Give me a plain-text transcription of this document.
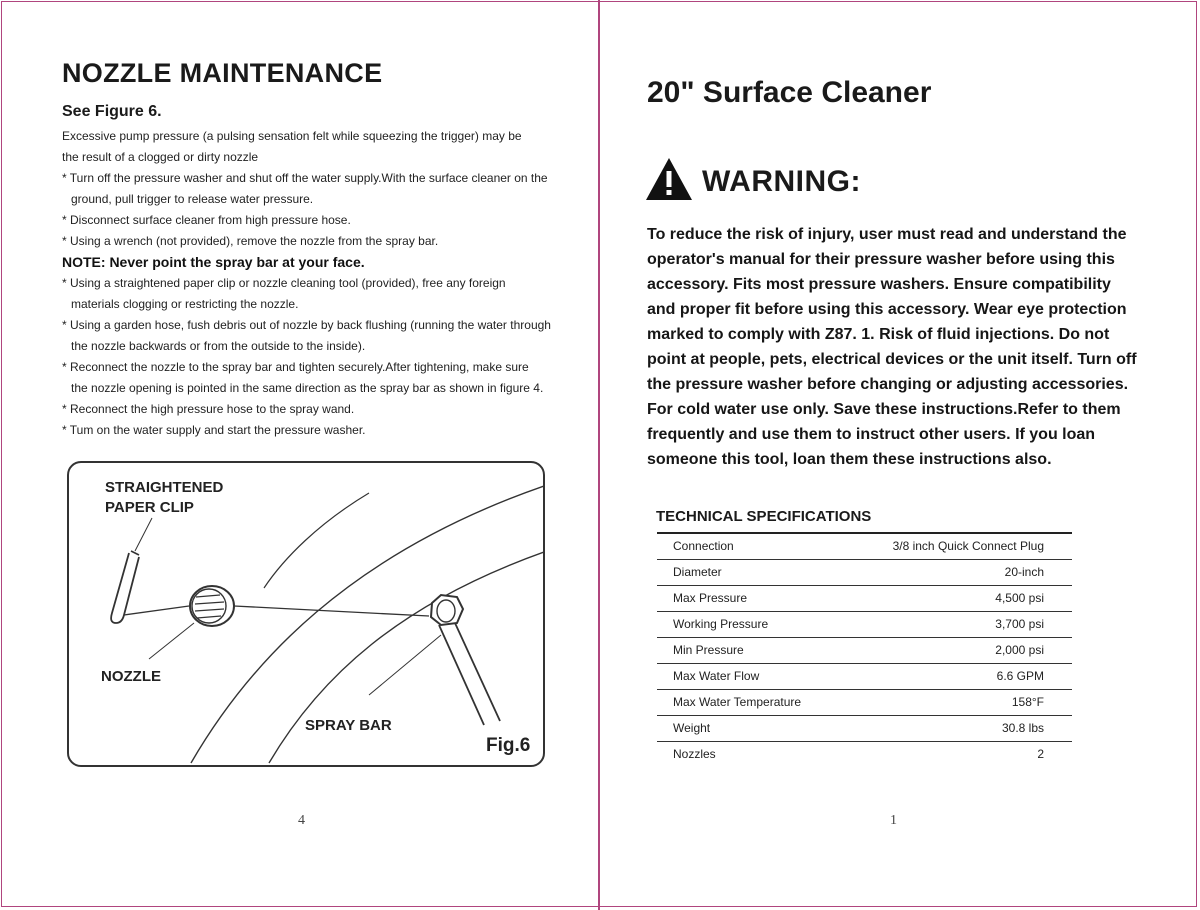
NOZZLE MAINTENANCE
See Figure 6.
Excessive pump pressure (a pulsing sensation felt while squeezing the trigger) may be
the result of a clogged or dirty nozzle
* Turn off the pressure washer and shut off the water supply.With the surface cleaner on the
ground, pull trigger to release water pressure.
* Disconnect surface cleaner from high pressure hose.
* Using a wrench (not provided), remove the nozzle from the spray bar.
NOTE: Never point the spray bar at your face.
* Using a straightened paper clip or nozzle cleaning tool (provided), free any foreign
materials clogging or restricting the nozzle.
* Using a garden hose, fush debris out of nozzle by back flushing (running the water through
the nozzle backwards or from the outside to the inside).
* Reconnect the nozzle to the spray bar and tighten securely.After tightening, make sure
the nozzle opening is pointed in the same direction as the spray bar as shown in figure 4.
* Reconnect the high pressure hose to the spray wand.
* Tum on the water supply and start the pressure washer.
STRAIGHTENED
PAPER CLIP
NOZZLE
SPRAY BAR
Fig.6
4
20" Surface Cleaner
WARNING:
To reduce the risk of injury, user must read and understand the
operator's manual for their pressure washer before using this
accessory. Fits most pressure washers. Ensure compatibility
and proper fit before using this accessory. Wear eye protection
marked to comply with Z87. 1. Risk of fluid injections. Do not
point at people, pets, electrical devices or the unit itself. Turn off
the pressure washer before changing or adjusting accessories.
For cold water use only. Save these instructions.Refer to them
frequently and use them to instruct other users. If you loan
someone this tool, loan them these instructions also.
TECHNICAL SPECIFICATIONS
Connection	3/8 inch Quick Connect Plug
Diameter	20-inch
Max Pressure	4,500 psi
Working Pressure	3,700 psi
Min Pressure	2,000 psi
Max Water Flow	6.6 GPM
Max Water Temperature	158°F
Weight	30.8 lbs
Nozzles	2
1
